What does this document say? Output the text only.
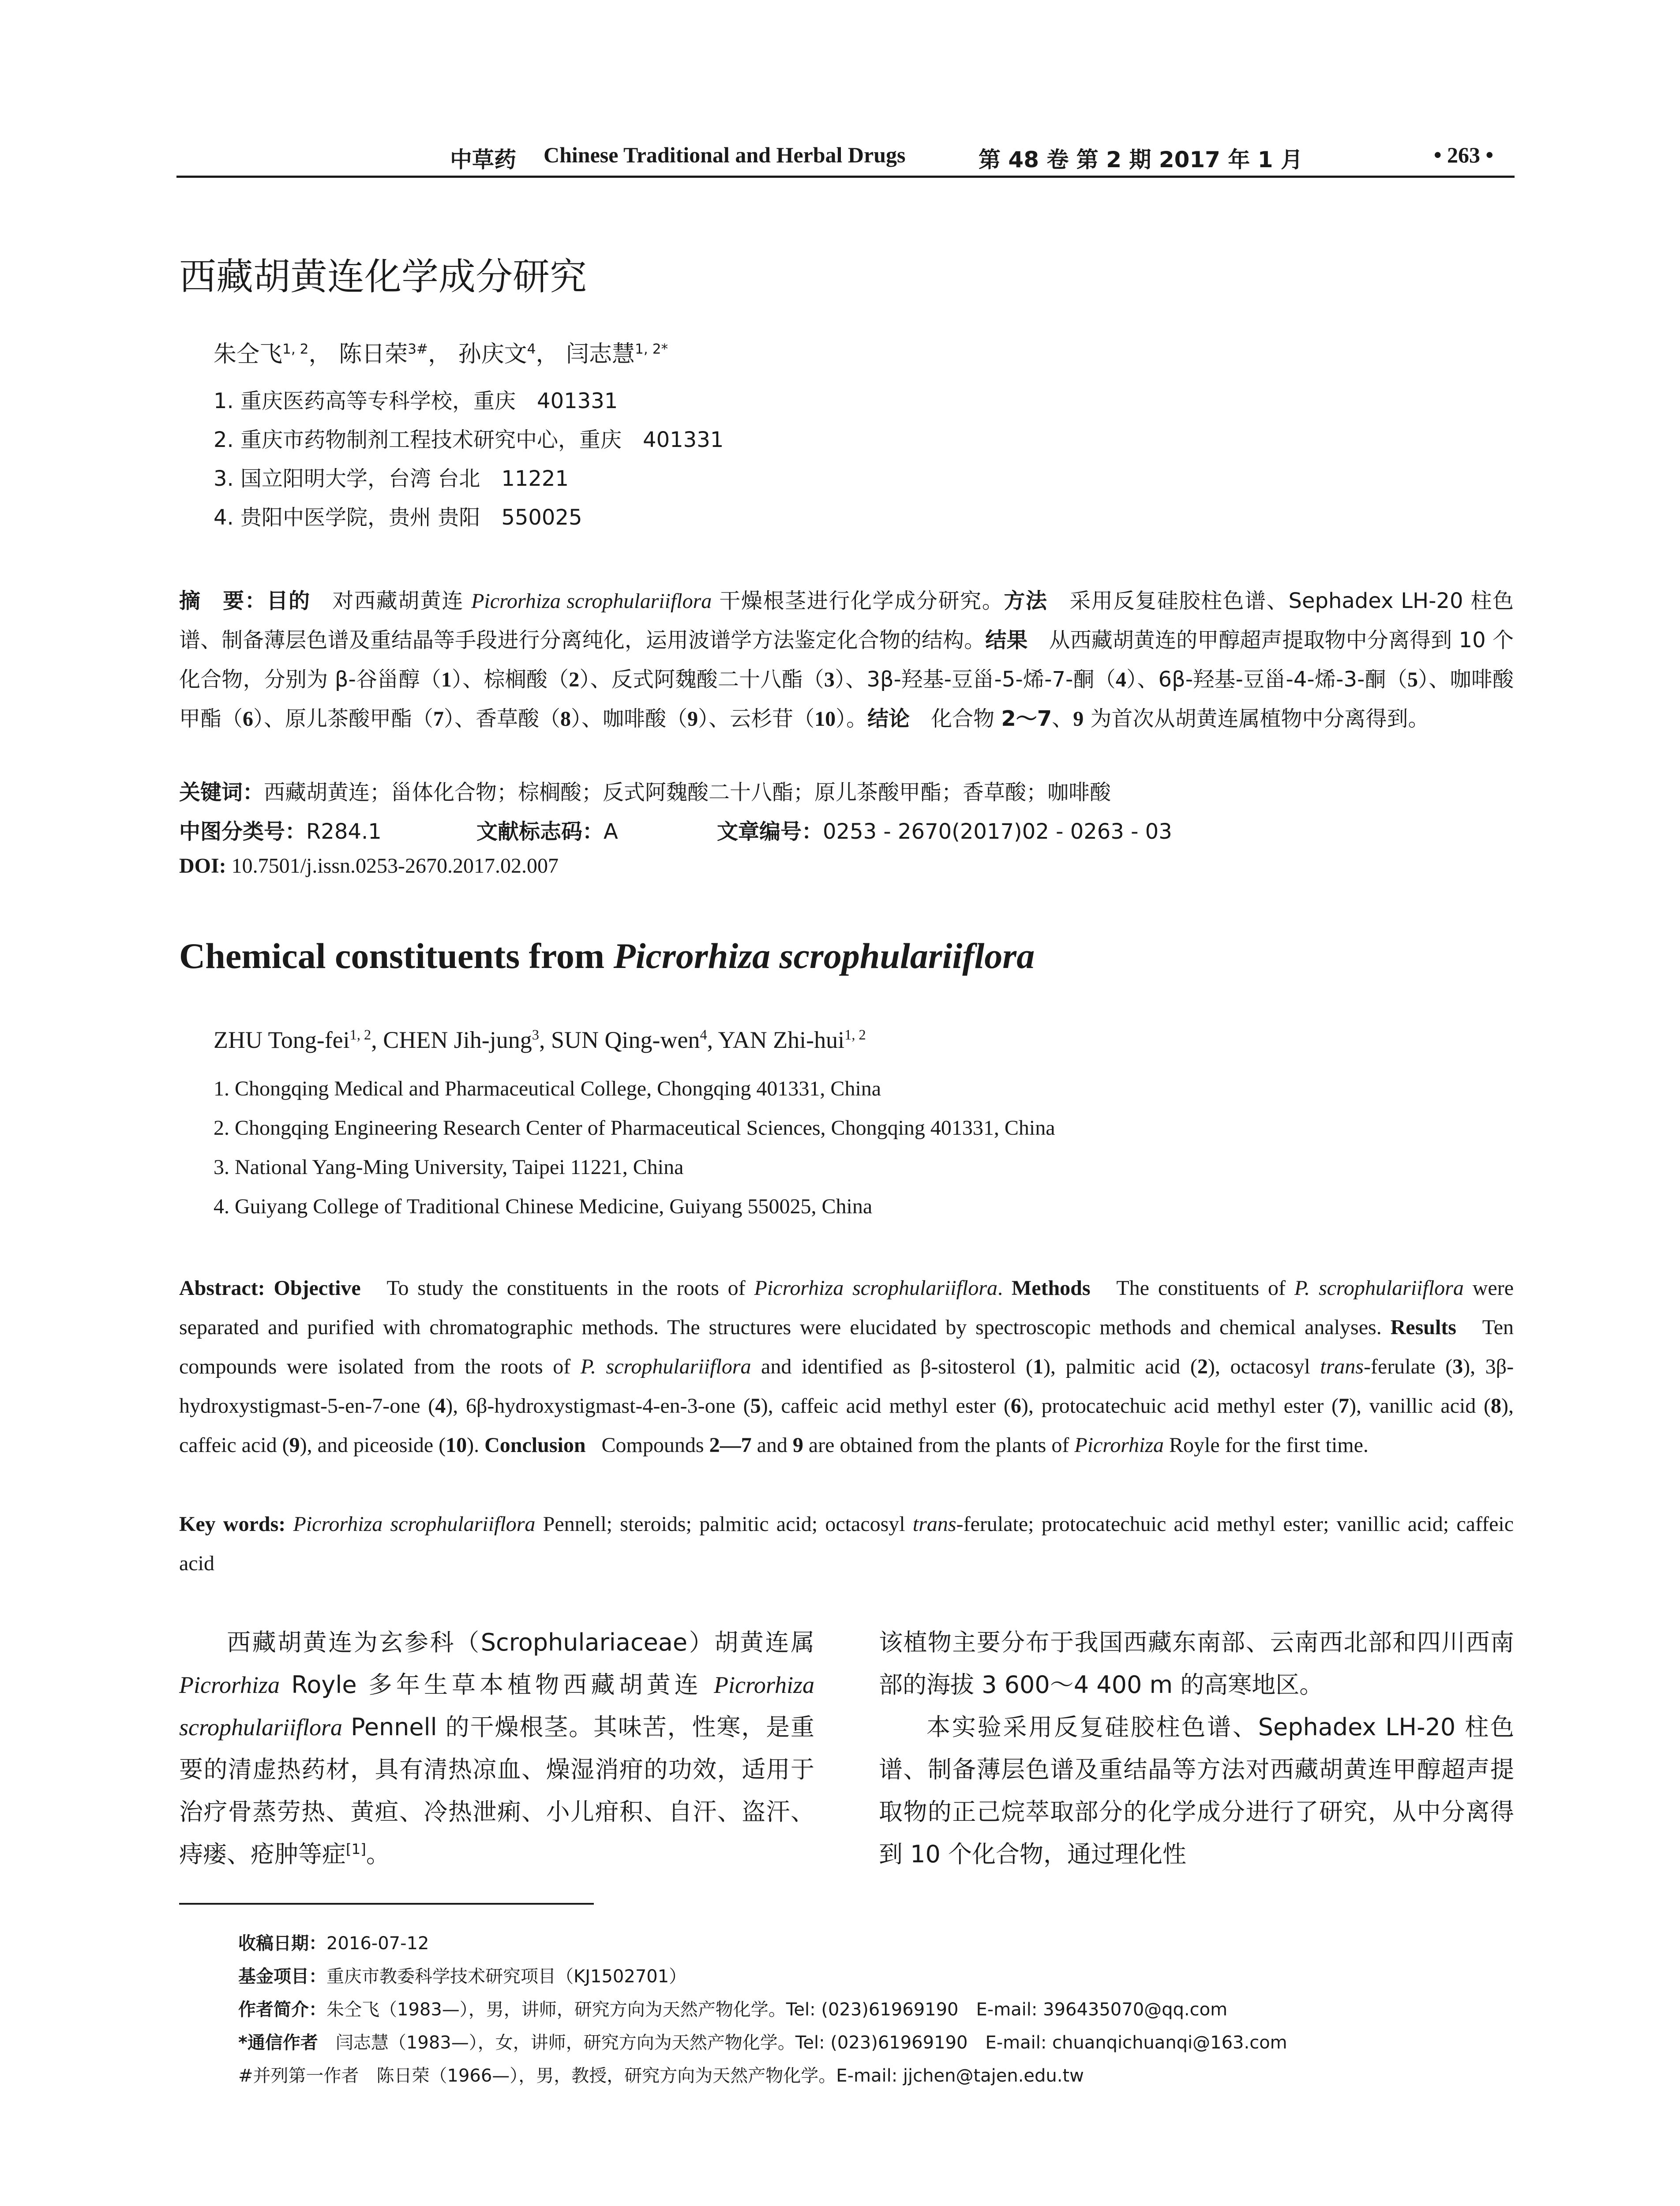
中草药 Chinese Traditional and Herbal Drugs	第 48 卷 第 2 期 2017 年 1 月	• 263 •
西藏胡黄连化学成分研究
朱仝飞$^{1, 2}$， 陈日荣$^{3\#}$， 孙庆文$^4$， 闫志慧$^{1, 2*}$
1. 重庆医药高等专科学校，重庆　401331
2. 重庆市药物制剂工程技术研究中心，重庆　401331
3. 国立阳明大学，台湾 台北　11221
4. 贵阳中医学院，贵州 贵阳　550025
摘　要：目的　对西藏胡黄连 Picrorhiza scrophulariiflora 干燥根茎进行化学成分研究。方法　采用反复硅胶柱色谱、Sephadex LH-20 柱色谱、制备薄层色谱及重结晶等手段进行分离纯化，运用波谱学方法鉴定化合物的结构。结果　从西藏胡黄连的甲醇超声提取物中分离得到 10 个化合物，分别为 β-谷甾醇（1）、棕榈酸（2）、反式阿魏酸二十八酯（3）、3β-羟基-豆甾-5-烯-7-酮（4）、6β-羟基-豆甾-4-烯-3-酮（5）、咖啡酸甲酯（6）、原儿茶酸甲酯（7）、香草酸（8）、咖啡酸（9）、云杉苷（10）。结论　化合物 2～7、9 为首次从胡黄连属植物中分离得到。
关键词：西藏胡黄连；甾体化合物；棕榈酸；反式阿魏酸二十八酯；原儿茶酸甲酯；香草酸；咖啡酸
中图分类号：R284.1	文献标志码：A	文章编号：0253 - 2670(2017)02 - 0263 - 03
DOI: 10.7501/j.issn.0253-2670.2017.02.007
Chemical constituents from Picrorhiza scrophulariiflora
ZHU Tong-fei$^{1, 2}$, CHEN Jih-jung$^3$, SUN Qing-wen$^4$, YAN Zhi-hui$^{1, 2}$
1. Chongqing Medical and Pharmaceutical College, Chongqing 401331, China
2. Chongqing Engineering Research Center of Pharmaceutical Sciences, Chongqing 401331, China
3. National Yang-Ming University, Taipei 11221, China
4. Guiyang College of Traditional Chinese Medicine, Guiyang 550025, China
Abstract: Objective   To study the constituents in the roots of Picrorhiza scrophulariiflora. Methods   The constituents of P. scrophulariiflora were separated and purified with chromatographic methods. The structures were elucidated by spectroscopic methods and chemical analyses. Results   Ten compounds were isolated from the roots of P. scrophulariiflora and identified as β-sitosterol (1), palmitic acid (2), octacosyl trans-ferulate (3), 3β-hydroxystigmast-5-en-7-one (4), 6β-hydroxystigmast-4-en-3-one (5), caffeic acid methyl ester (6), protocatechuic acid methyl ester (7), vanillic acid (8), caffeic acid (9), and piceoside (10). Conclusion   Compounds 2—7 and 9 are obtained from the plants of Picrorhiza Royle for the first time.
Key words: Picrorhiza scrophulariiflora Pennell; steroids; palmitic acid; octacosyl trans-ferulate; protocatechuic acid methyl ester; vanillic acid; caffeic acid
西藏胡黄连为玄参科（Scrophulariaceae）胡黄连属 Picrorhiza Royle 多年生草本植物西藏胡黄连 Picrorhiza scrophulariiflora Pennell 的干燥根茎。其味苦，性寒，是重要的清虚热药材，具有清热凉血、燥湿消疳的功效，适用于治疗骨蒸劳热、黄疸、冷热泄痢、小儿疳积、自汗、盗汗、痔瘘、疮肿等症[1]。
该植物主要分布于我国西藏东南部、云南西北部和四川西南部的海拔 3 600～4 400 m 的高寒地区。
本实验采用反复硅胶柱色谱、Sephadex LH-20 柱色谱、制备薄层色谱及重结晶等方法对西藏胡黄连甲醇超声提取物的正己烷萃取部分的化学成分进行了研究，从中分离得到 10 个化合物，通过理化性
收稿日期：2016-07-12
基金项目：重庆市教委科学技术研究项目（KJ1502701）
作者简介：朱仝飞（1983—），男，讲师，研究方向为天然产物化学。Tel: (023)61969190　E-mail: 396435070@qq.com
*通信作者　闫志慧（1983—），女，讲师，研究方向为天然产物化学。Tel: (023)61969190　E-mail: chuanqichuanqi@163.com
#并列第一作者　陈日荣（1966—），男，教授，研究方向为天然产物化学。E-mail: jjchen@tajen.edu.tw
